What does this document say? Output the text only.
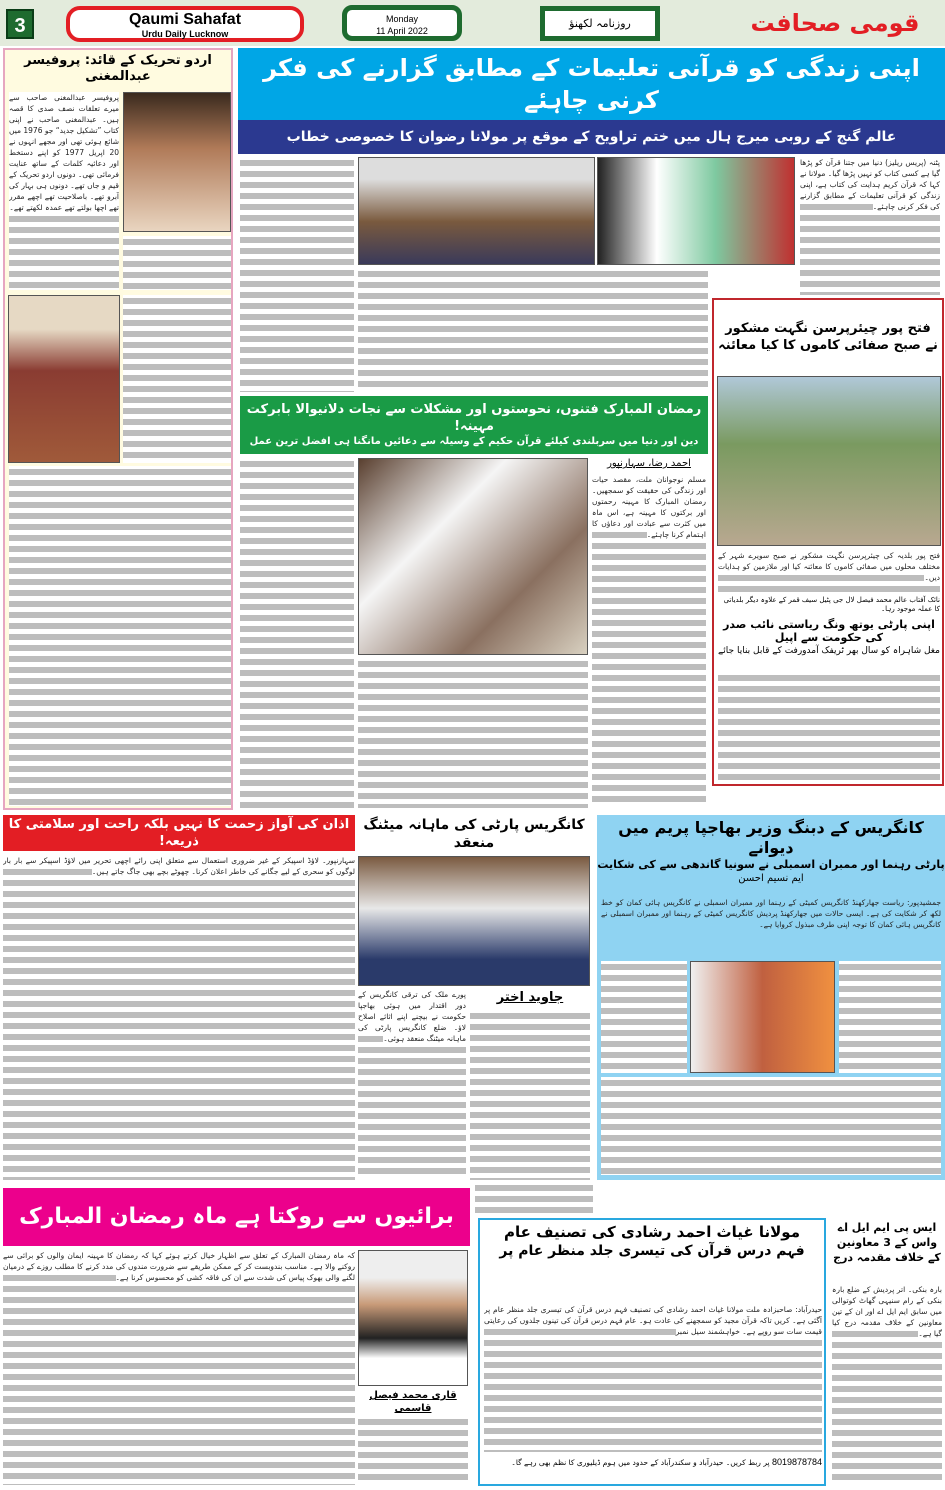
3	Qaumi Sahafat
Urdu Daily Lucknow
Monday
11 April 2022
روزنامہ لکھنؤ	قومی صحافت
اردو تحریک کے قائد: پروفیسر عبدالمغنی
پروفیسر عبدالمغنی صاحب سے میرے تعلقات نصف صدی کا قصہ ہیں۔ عبدالمغنی صاحب نے اپنی کتاب ”تشکیل جدید“ جو 1976 میں شائع ہوئی تھی اور مجھے انہوں نے 20 اپریل 1977 کو اپنے دستخط اور دعائیہ کلمات کے ساتھ عنایت فرمائی تھی۔ دونوں اردو تحریک کے قیم و جاں تھے۔ دونوں ہی بہار کی آبرو تھے۔ باصلاحیت تھے اچھے مقرر تھے اچھا بولتے تھے عمدہ لکھتے تھے۔
اپنی زندگی کو قرآنی تعلیمات کے مطابق گزارنے کی فکر کرنی چاہئے
عالم گنج کے روبی میرج ہال میں ختم تراویح کے موقع پر مولانا رضوان کا خصوصی خطاب
پٹنہ (پریس ریلیز) دنیا میں جتنا قرآن کو پڑھا گیا ہے کسی کتاب کو نہیں پڑھا گیا۔ مولانا نے کہا کہ قرآن کریم ہدایت کی کتاب ہے، اپنی زندگی کو قرآنی تعلیمات کے مطابق گزارنے کی فکر کرنی چاہئے۔
رمضان المبارک فتنوں، نحوستوں اور مشکلات سے نجات دلانیوالا بابرکت مہینہ!
دین اور دنیا میں سربلندی کیلئے قرآن حکیم کے وسیلہ سے دعائیں مانگنا ہی افضل ترین عمل
احمد رضا، سہارنپور
مسلم نوجوانان ملت، مقصد حیات اور زندگی کی حقیقت کو سمجھیں۔ رمضان المبارک کا مہینہ رحمتوں اور برکتوں کا مہینہ ہے، اس ماہ میں کثرت سے عبادت اور دعاؤں کا اہتمام کرنا چاہئے۔
فتح پور چیئرپرسن نگہت مشکور نے صبح صفائی کاموں کا کیا معائنہ
فتح پور بلدیہ کی چیئرپرسن نگہت مشکور نے صبح سویرے شہر کے مختلف محلوں میں صفائی کاموں کا معائنہ کیا اور ملازمین کو ہدایات دیں۔
نائک آفتاب عالم محمد فیصل لال جی پٹیل سیف قمر کے علاوہ دیگر بلدیاتی کا عملہ موجود رہا۔
اپنی پارٹی یوتھ ونگ ریاستی نائب صدر کی حکومت سے اپیل
مغل شاہراہ کو سال بھر ٹریفک آمدورفت کے قابل بنایا جائے
اذان کی آواز زحمت کا نہیں بلکہ راحت اور سلامتی کا ذریعہ!
سہارنپور۔ لاؤڈ اسپیکر کے غیر ضروری استعمال سے متعلق اپنی رائے اچھی تحریر میں لاؤڈ اسپیکر سے بار بار لوگوں کو سحری کے لیے جگانے کی خاطر اعلان کرنا۔ چھوٹے بچے بھی جاگ جاتے ہیں۔
کانگریس پارٹی کی ماہانہ میٹنگ منعقد
جاوید اختر
پورے ملک کی ترقی کانگریس کے دور اقتدار میں ہوئی بھاجپا حکومت نے بیچنے اپنے اثاثے اصلاح لاؤ۔ ضلع کانگریس پارٹی کی ماہانہ میٹنگ منعقد ہوئی۔
کانگریس کے دبنگ وزیر بھاجپا پریم میں دیوانے
پارٹی رہنما اور ممبران اسمبلی نے سونیا گاندھی سے کی شکایت
ایم نسیم احسن
جمشیدپور: ریاست جھارکھنڈ کانگریس کمیٹی کے رہنما اور ممبران اسمبلی نے کانگریس ہائی کمان کو خط لکھ کر شکایت کی ہے۔ ایسی حالات میں جھارکھنڈ پردیش کانگریس کمیٹی کے رہنما اور ممبران اسمبلی نے کانگریس ہائی کمان کا توجہ اپنی طرف مبذول کروایا ہے۔
برائیوں سے روکتا ہے ماہ رمضان المبارک
قاری محمد فیصل قاسمی
کہ ماہ رمضان المبارک کے تعلق سے اظہار خیال کرتے ہوئے کہا کہ رمضان کا مہینہ ایمان والوں کو برائی سے روکنے والا ہے۔ مناسب بندوبست کر کے ممکن طریقے سے ضرورت مندوں کی مدد کرنے کا مطلب روزے کے درمیان لگنے والی بھوک پیاس کی شدت سے ان کی فاقہ کشی کو محسوس کرنا ہے۔
مولانا غیاث احمد رشادی کی تصنیف عام
فہم درس قرآن کی تیسری جلد منظر عام پر
حیدرآباد: صاحبزادہ ملت مولانا غیاث احمد رشادی کی تصنیف فہم درس قرآن کی تیسری جلد منظر عام پر آگئی ہے۔ کریں تاکہ قرآن مجید کو سمجھنے کی عادت ہو۔ عام فہم درس قرآن کی تینوں جلدوں کی رعایتی قیمت سات سو روپے ہے۔ خواہشمند سیل نمبر
8019878784 پر ربط کریں۔ حیدرآباد و سکندرآباد کے حدود میں ہوم ڈیلیوری کا نظم بھی رہے گا۔
ایس پی ایم ایل اے واس کے 3 معاونین کے خلاف مقدمہ درج
بارہ بنکی۔ اتر پردیش کے ضلع بارہ بنکی کے رام سنیہی گھاٹ کوتوالی میں سابق ایم ایل اے اور ان کے تین معاونین کے خلاف مقدمہ درج کیا گیا ہے۔
